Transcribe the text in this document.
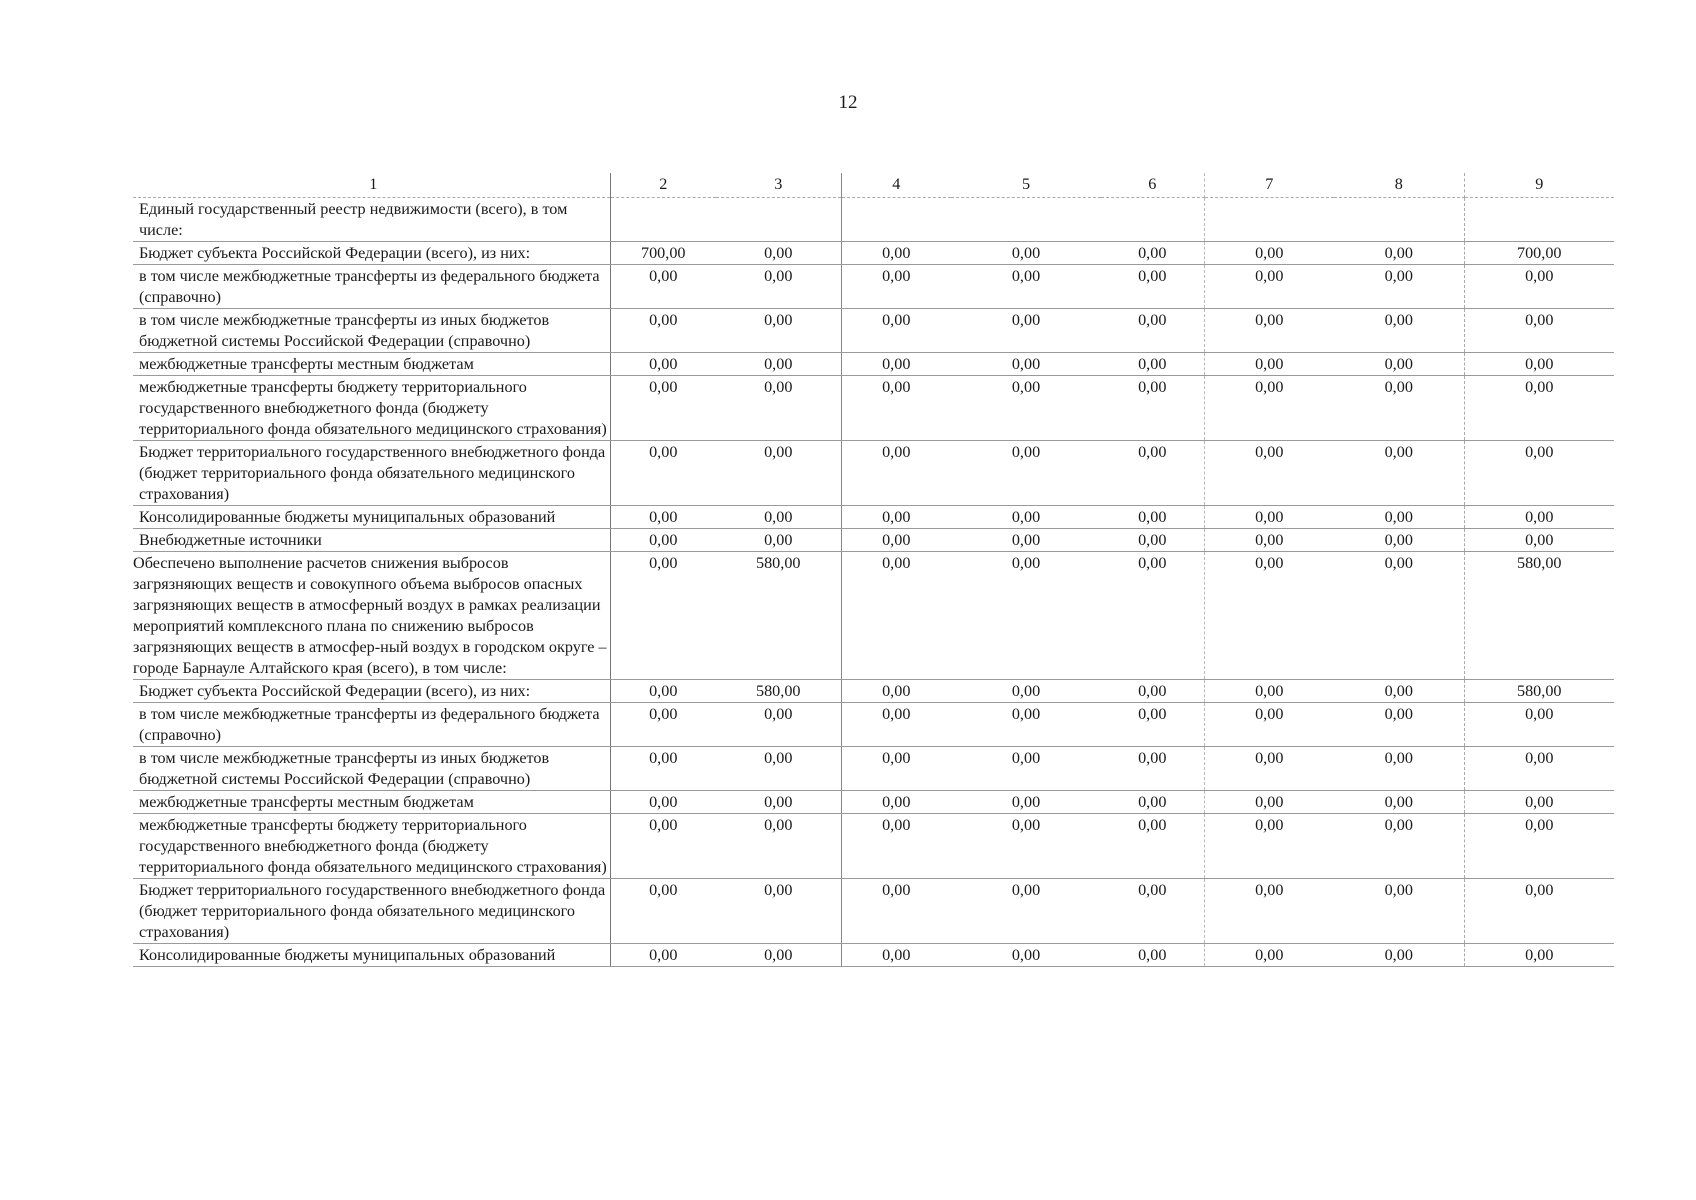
12
1	2	3	4	5	6	7	8	9
Единый государственный реестр недвижимости (всего), в том числе:								
Бюджет субъекта Российской Федерации (всего), из них:	700,00	0,00	0,00	0,00	0,00	0,00	0,00	700,00
в том числе межбюджетные трансферты из федерального бюджета (справочно)	0,00	0,00	0,00	0,00	0,00	0,00	0,00	0,00
в том числе межбюджетные трансферты из иных бюджетов бюджетной системы Российской Федерации (справочно)	0,00	0,00	0,00	0,00	0,00	0,00	0,00	0,00
межбюджетные трансферты местным бюджетам	0,00	0,00	0,00	0,00	0,00	0,00	0,00	0,00
межбюджетные трансферты бюджету территориального государственного внебюджетного фонда (бюджету территориального фонда обязательного медицинского страхования)	0,00	0,00	0,00	0,00	0,00	0,00	0,00	0,00
Бюджет территориального государственного внебюджетного фонда (бюджет территориального фонда обязательного медицинского страхования)	0,00	0,00	0,00	0,00	0,00	0,00	0,00	0,00
Консолидированные бюджеты муниципальных образований	0,00	0,00	0,00	0,00	0,00	0,00	0,00	0,00
Внебюджетные источники	0,00	0,00	0,00	0,00	0,00	0,00	0,00	0,00
Обеспечено выполнение расчетов снижения выбросов загрязняющих веществ и совокупного объема выбросов опасных загрязняющих веществ в атмосферный воздух в рамках реализации мероприятий комплексного плана по снижению выбросов загрязняющих веществ в атмосфер-ный воздух в городском округе – городе Барнауле Алтайского края (всего), в том числе:	0,00	580,00	0,00	0,00	0,00	0,00	0,00	580,00
Бюджет субъекта Российской Федерации (всего), из них:	0,00	580,00	0,00	0,00	0,00	0,00	0,00	580,00
в том числе межбюджетные трансферты из федерального бюджета (справочно)	0,00	0,00	0,00	0,00	0,00	0,00	0,00	0,00
в том числе межбюджетные трансферты из иных бюджетов бюджетной системы Российской Федерации (справочно)	0,00	0,00	0,00	0,00	0,00	0,00	0,00	0,00
межбюджетные трансферты местным бюджетам	0,00	0,00	0,00	0,00	0,00	0,00	0,00	0,00
межбюджетные трансферты бюджету территориального государственного внебюджетного фонда (бюджету территориального фонда обязательного медицинского страхования)	0,00	0,00	0,00	0,00	0,00	0,00	0,00	0,00
Бюджет территориального государственного внебюджетного фонда (бюджет территориального фонда обязательного медицинского страхования)	0,00	0,00	0,00	0,00	0,00	0,00	0,00	0,00
Консолидированные бюджеты муниципальных образований	0,00	0,00	0,00	0,00	0,00	0,00	0,00	0,00
